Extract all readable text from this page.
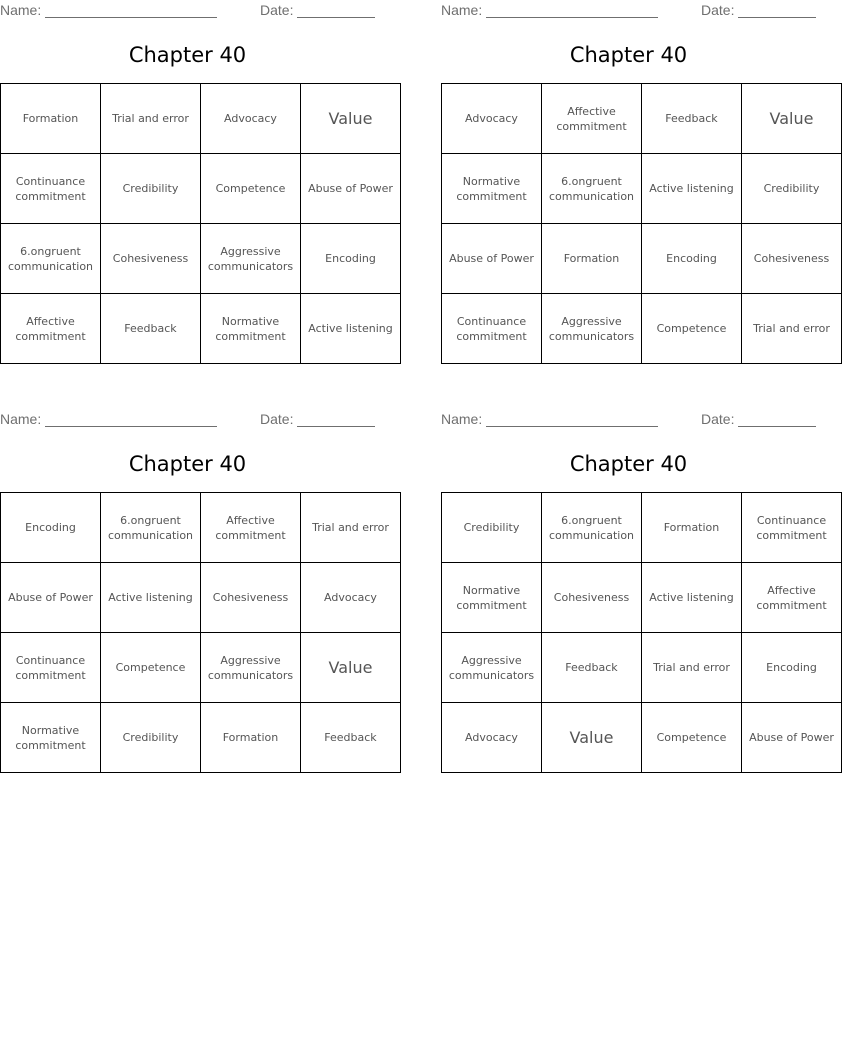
Name:	Date:
Chapter 40
Formation	Trial and error	Advocacy	Value
Continuance commitment	Credibility	Competence	Abuse of Power
6.ongruent communication	Cohesiveness	Aggressive communicators	Encoding
Affective commitment	Feedback	Normative commitment	Active listening
Name:	Date:
Chapter 40
Advocacy	Affective commitment	Feedback	Value
Normative commitment	6.ongruent communication	Active listening	Credibility
Abuse of Power	Formation	Encoding	Cohesiveness
Continuance commitment	Aggressive communicators	Competence	Trial and error
Name:	Date:
Chapter 40
Encoding	6.ongruent communication	Affective commitment	Trial and error
Abuse of Power	Active listening	Cohesiveness	Advocacy
Continuance commitment	Competence	Aggressive communicators	Value
Normative commitment	Credibility	Formation	Feedback
Name:	Date:
Chapter 40
Credibility	6.ongruent communication	Formation	Continuance commitment
Normative commitment	Cohesiveness	Active listening	Affective commitment
Aggressive communicators	Feedback	Trial and error	Encoding
Advocacy	Value	Competence	Abuse of Power
